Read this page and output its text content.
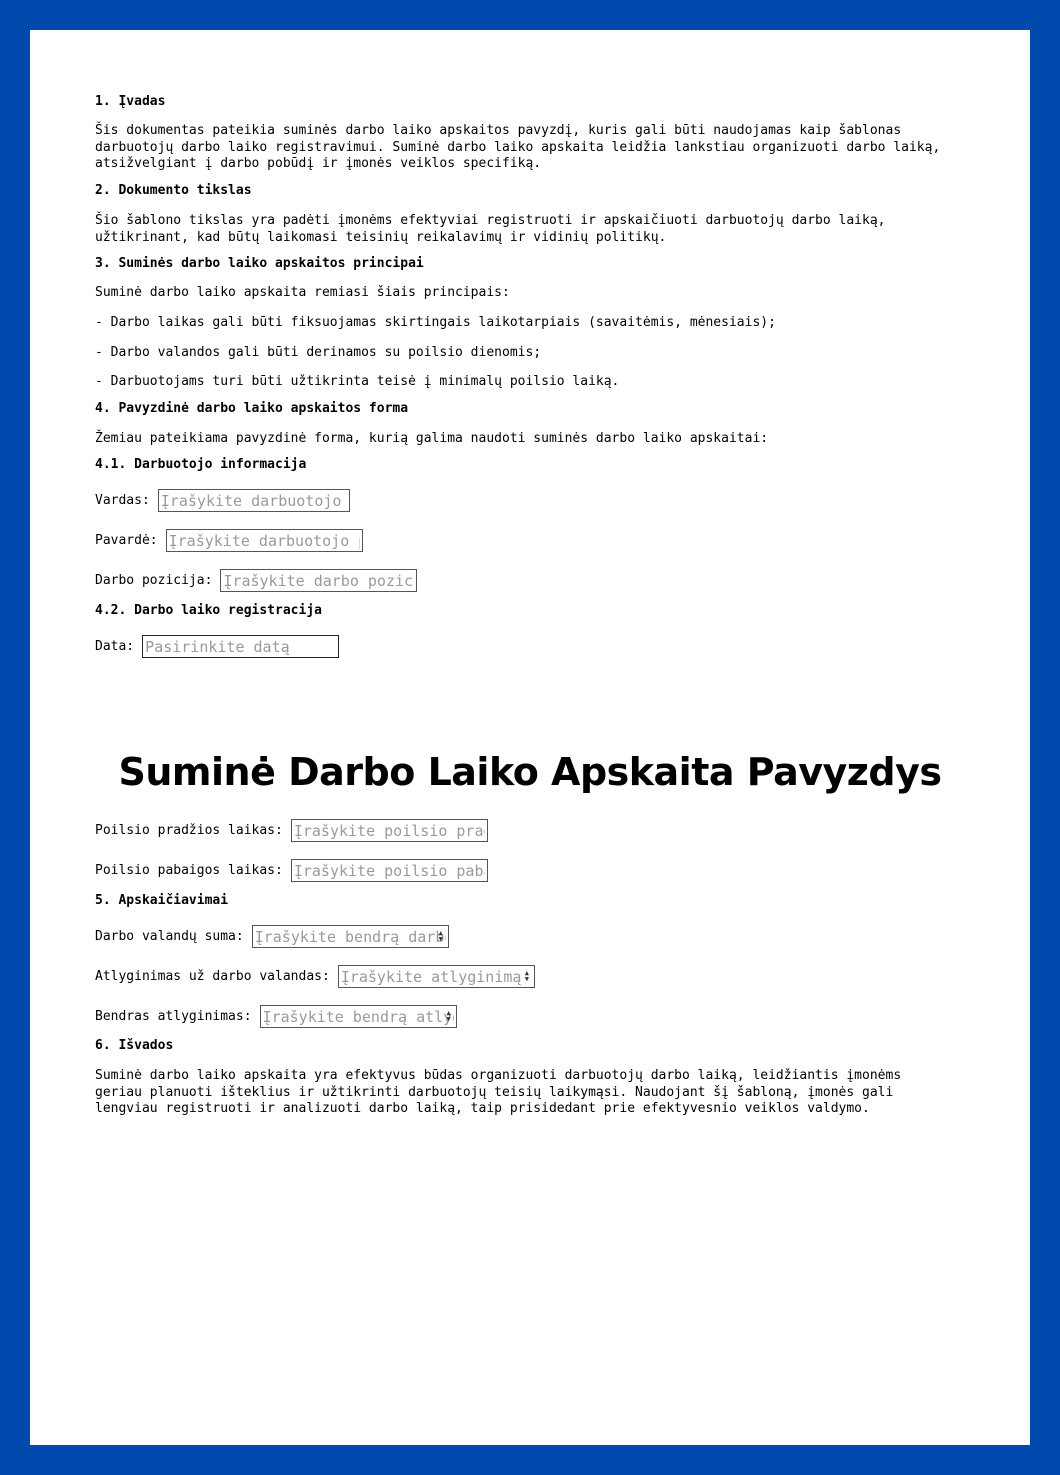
1. Įvadas

Šis dokumentas pateikia suminės darbo laiko apskaitos pavyzdį, kuris gali būti naudojamas kaip šablonas darbuotojų darbo laiko registravimui. Suminė darbo laiko apskaita leidžia lankstiau organizuoti darbo laiką, atsižvelgiant į darbo pobūdį ir įmonės veiklos specifiką.

2. Dokumento tikslas

Šio šablono tikslas yra padėti įmonėms efektyviai registruoti ir apskaičiuoti darbuotojų darbo laiką, užtikrinant, kad būtų laikomasi teisinių reikalavimų ir vidinių politikų.

3. Suminės darbo laiko apskaitos principai

Suminė darbo laiko apskaita remiasi šiais principais:

- Darbo laikas gali būti fiksuojamas skirtingais laikotarpiais (savaitėmis, mėnesiais);

- Darbo valandos gali būti derinamos su poilsio dienomis;

- Darbuotojams turi būti užtikrinta teisė į minimalų poilsio laiką.

4. Pavyzdinė darbo laiko apskaitos forma

Žemiau pateikiama pavyzdinė forma, kurią galima naudoti suminės darbo laiko apskaitai:

4.1. Darbuotojo informacija
Vardas:
Įrašykite darbuotojo vardą
Pavardė:
Įrašykite darbuotojo pavardę
Darbo pozicija:
Įrašykite darbo poziciją
4.2. Darbo laiko registracija
Data:
Pasirinkite datą
Suminė Darbo Laiko Apskaita Pavyzdys
Poilsio pradžios laikas:
Įrašykite poilsio pradžios laiką
Poilsio pabaigos laikas:
Įrašykite poilsio pabaigos laiką
5. Apskaičiavimai
Darbo valandų suma:
Įrašykite bendrą darbo valandų sumą	▲
▼
Atlyginimas už darbo valandas:
Įrašykite atlyginimą už valandą	▲
▼
Bendras atlyginimas:
Įrašykite bendrą atlyginimą	▲
▼
6. Išvados

Suminė darbo laiko apskaita yra efektyvus būdas organizuoti darbuotojų darbo laiką, leidžiantis įmonėms geriau planuoti išteklius ir užtikrinti darbuotojų teisių laikymąsi. Naudojant šį šabloną, įmonės gali lengviau registruoti ir analizuoti darbo laiką, taip prisidedant prie efektyvesnio veiklos valdymo.
